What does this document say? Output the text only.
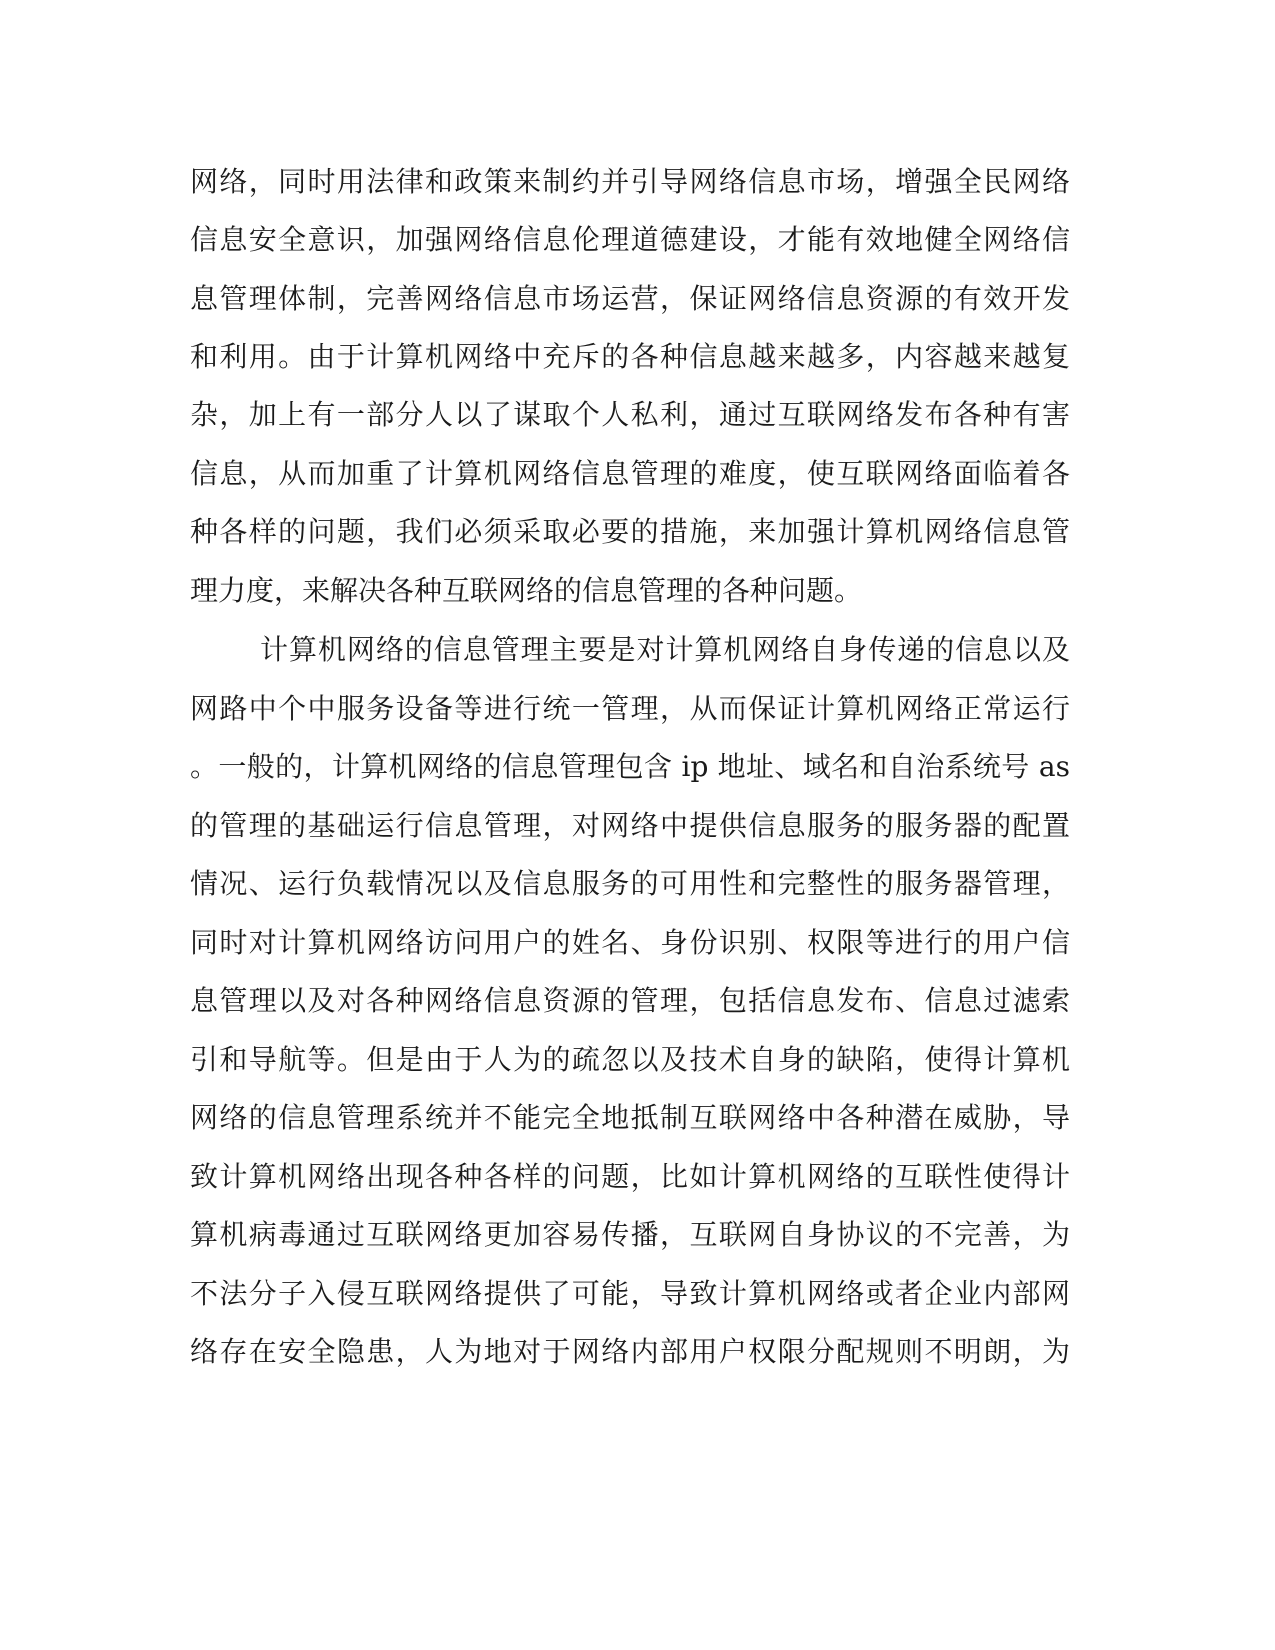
网络，同时用法律和政策来制约并引导网络信息市场，增强全民网络
信息安全意识，加强网络信息伦理道德建设，才能有效地健全网络信
息管理体制，完善网络信息市场运营，保证网络信息资源的有效开发
和利用。由于计算机网络中充斥的各种信息越来越多，内容越来越复
杂，加上有一部分人以了谋取个人私利，通过互联网络发布各种有害
信息，从而加重了计算机网络信息管理的难度，使互联网络面临着各
种各样的问题，我们必须采取必要的措施，来加强计算机网络信息管
理力度，来解决各种互联网络的信息管理的各种问题。
计算机网络的信息管理主要是对计算机网络自身传递的信息以及
网路中个中服务设备等进行统一管理，从而保证计算机网络正常运行
。一般的，计算机网络的信息管理包含 ip 地址、域名和自治系统号 as
的管理的基础运行信息管理，对网络中提供信息服务的服务器的配置
情况、运行负载情况以及信息服务的可用性和完整性的服务器管理，
同时对计算机网络访问用户的姓名、身份识别、权限等进行的用户信
息管理以及对各种网络信息资源的管理，包括信息发布、信息过滤索
引和导航等。但是由于人为的疏忽以及技术自身的缺陷，使得计算机
网络的信息管理系统并不能完全地抵制互联网络中各种潜在威胁，导
致计算机网络出现各种各样的问题，比如计算机网络的互联性使得计
算机病毒通过互联网络更加容易传播，互联网自身协议的不完善，为
不法分子入侵互联网络提供了可能，导致计算机网络或者企业内部网
络存在安全隐患，人为地对于网络内部用户权限分配规则不明朗，为
